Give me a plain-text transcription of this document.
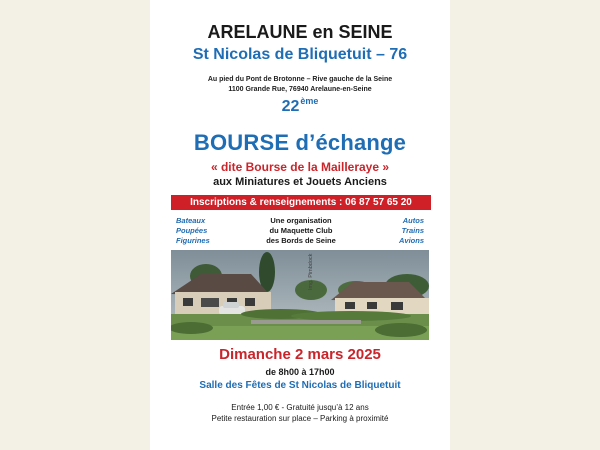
ARELAUNE en SEINE
St Nicolas de Bliquetuit – 76
Au pied du Pont de Brotonne – Rive gauche de la Seine
1100 Grande Rue, 76940 Arelaune-en-Seine
22ème
BOURSE d’échange
« dite Bourse de la Mailleraye »
aux Miniatures et Jouets Anciens
Inscriptions & renseignements : 06 87 57 65 20
Bateaux
Poupées
Figurines
Une organisation
du Maquette Club
des Bords de Seine
Autos
Trains
Avions
Img. Pimbdock
Dimanche 2 mars 2025
de 8h00 à 17h00
Salle des Fêtes de St Nicolas de Bliquetuit
Entrée 1,00 € - Gratuité jusqu’à 12 ans
Petite restauration sur place – Parking à proximité
